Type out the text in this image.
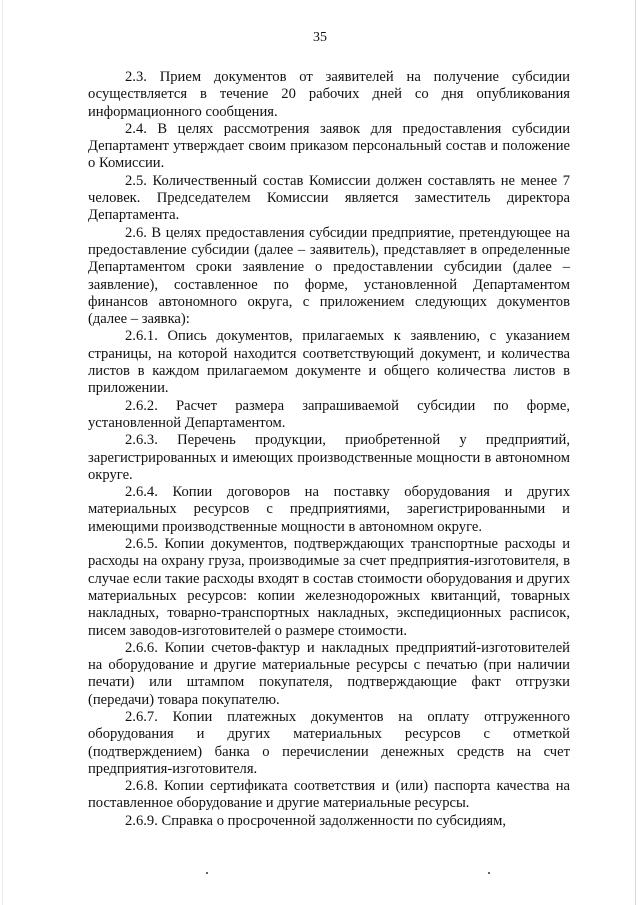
35

2.3. Прием документов от заявителей на получение субсидии осуществляется в течение 20 рабочих дней со дня опубликования информационного сообщения.

2.4. В целях рассмотрения заявок для предоставления субсидии Департамент утверждает своим приказом персональный состав и положение о Комиссии.

2.5. Количественный состав Комиссии должен составлять не менее 7 человек. Председателем Комиссии является заместитель директора Департамента.

2.6. В целях предоставления субсидии предприятие, претендующее на предоставление субсидии (далее – заявитель), представляет в определенные Департаментом сроки заявление о предоставлении субсидии (далее – заявление), составленное по форме, установленной Департаментом финансов автономного округа, с приложением следующих документов (далее – заявка):

2.6.1. Опись документов, прилагаемых к заявлению, с указанием страницы, на которой находится соответствующий документ, и количества листов в каждом прилагаемом документе и общего количества листов в приложении.

2.6.2. Расчет размера запрашиваемой субсидии по форме, установленной Департаментом.

2.6.3. Перечень продукции, приобретенной у предприятий, зарегистрированных и имеющих производственные мощности в автономном округе.

2.6.4. Копии договоров на поставку оборудования и других материальных ресурсов с предприятиями, зарегистрированными и имеющими производственные мощности в автономном округе.

2.6.5. Копии документов, подтверждающих транспортные расходы и расходы на охрану груза, производимые за счет предприятия-изготовителя, в случае если такие расходы входят в состав стоимости оборудования и других материальных ресурсов: копии железнодорожных квитанций, товарных накладных, товарно-транспортных накладных, экспедиционных расписок, писем заводов-изготовителей о размере стоимости.

2.6.6. Копии счетов-фактур и накладных предприятий-изготовителей на оборудование и другие материальные ресурсы с печатью (при наличии печати) или штампом покупателя, подтверждающие факт отгрузки (передачи) товара покупателю.

2.6.7. Копии платежных документов на оплату отгруженного оборудования и других материальных ресурсов с отметкой (подтверждением) банка о перечислении денежных средств на счет предприятия-изготовителя.

2.6.8. Копии сертификата соответствия и (или) паспорта качества на поставленное оборудование и другие материальные ресурсы.

2.6.9. Справка о просроченной задолженности по субсидиям,
